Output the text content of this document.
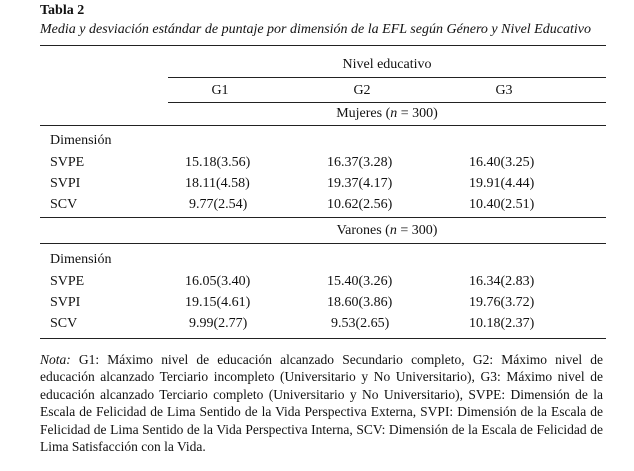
Tabla 2
Media y desviación estándar de puntaje por dimensión de la EFL según Género y Nivel Educativo
Nivel educativo
G1	G2	G3
Mujeres (n = 300)
Dimensión
SVPE	15.18(3.56)	16.37(3.28)	16.40(3.25)
SVPI	18.11(4.58)	19.37(4.17)	19.91(4.44)
SCV	9.77(2.54)	10.62(2.56)	10.40(2.51)
Varones (n = 300)
Dimensión
SVPE	16.05(3.40)	15.40(3.26)	16.34(2.83)
SVPI	19.15(4.61)	18.60(3.86)	19.76(3.72)
SCV	9.99(2.77)	9.53(2.65)	10.18(2.37)
Nota: G1: Máximo nivel de educación alcanzado Secundario completo, G2: Máximo nivel de educación alcanzado Terciario incompleto (Universitario y No Universitario), G3: Máximo nivel de educación alcanzado Terciario completo (Universitario y No Universitario), SVPE: Dimensión de la Escala de Felicidad de Lima Sentido de la Vida Perspectiva Externa, SVPI: Dimensión de la Escala de Felicidad de Lima Sentido de la Vida Perspectiva Interna, SCV: Dimensión de la Escala de Felicidad de Lima Satisfacción con la Vida.
